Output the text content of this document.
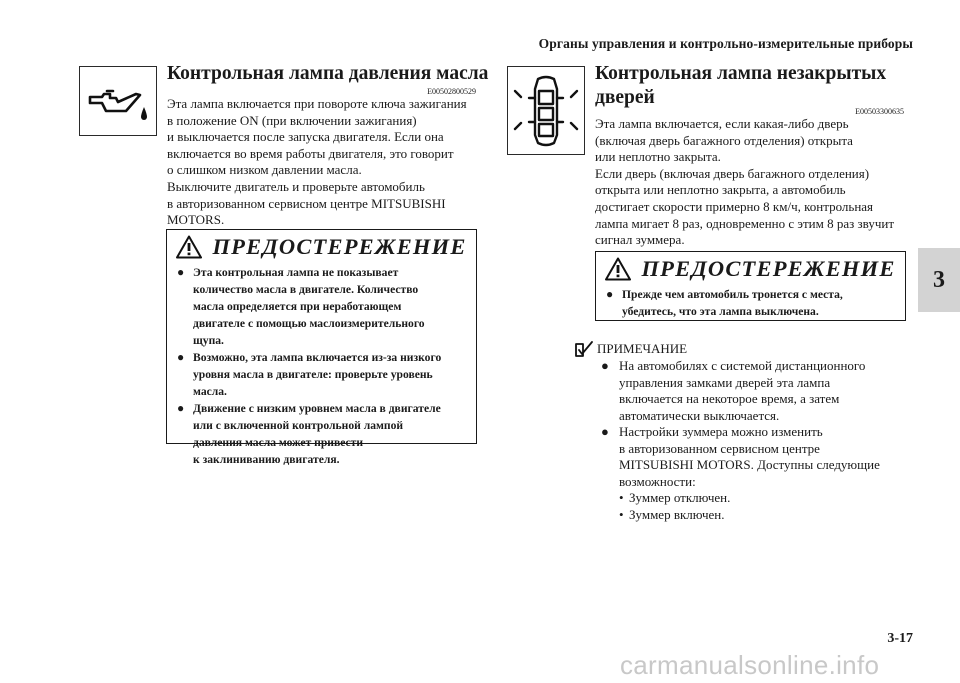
Органы управления и контрольно-измерительные приборы
3
3-17
carmanualsonline.info
Контрольная лампа давления масла
E00502800529
Эта лампа включается при повороте ключа зажигания
в положение ON (при включении зажигания)
и выключается после запуска двигателя. Если она
включается во время работы двигателя, это говорит
о слишком низком давлении масла.
Выключите двигатель и проверьте автомобиль
в авторизованном сервисном центре MITSUBISHI
MOTORS.
ПРЕДОСТЕРЕЖЕНИЕ
● Эта контрольная лампа не показывает
количество масла в двигателе. Количество
масла определяется при неработающем
двигателе с помощью маслоизмерительного
щупа.
● Возможно, эта лампа включается из-за низкого
уровня масла в двигателе: проверьте уровень
масла.
● Движение с низким уровнем масла в двигателе
или с включенной контрольной лампой
давления масла может привести
к заклиниванию двигателя.
Контрольная лампа незакрытых
дверей
E00503300635
Эта лампа включается, если какая-либо дверь
(включая дверь багажного отделения) открыта
или неплотно закрыта.
Если дверь (включая дверь багажного отделения)
открыта или неплотно закрыта, а автомобиль
достигает скорости примерно 8 км/ч, контрольная
лампа мигает 8 раз, одновременно с этим 8 раз звучит
сигнал зуммера.
ПРЕДОСТЕРЕЖЕНИЕ
● Прежде чем автомобиль тронется с места,
убедитесь, что эта лампа выключена.
ПРИМЕЧАНИЕ
● На автомобилях с системой дистанционного
управления замками дверей эта лампа
включается на некоторое время, а затем
автоматически выключается.
● Настройки зуммера можно изменить
в авторизованном сервисном центре
MITSUBISHI MOTORS. Доступны следующие
возможности:
• Зуммер отключен.
• Зуммер включен.
